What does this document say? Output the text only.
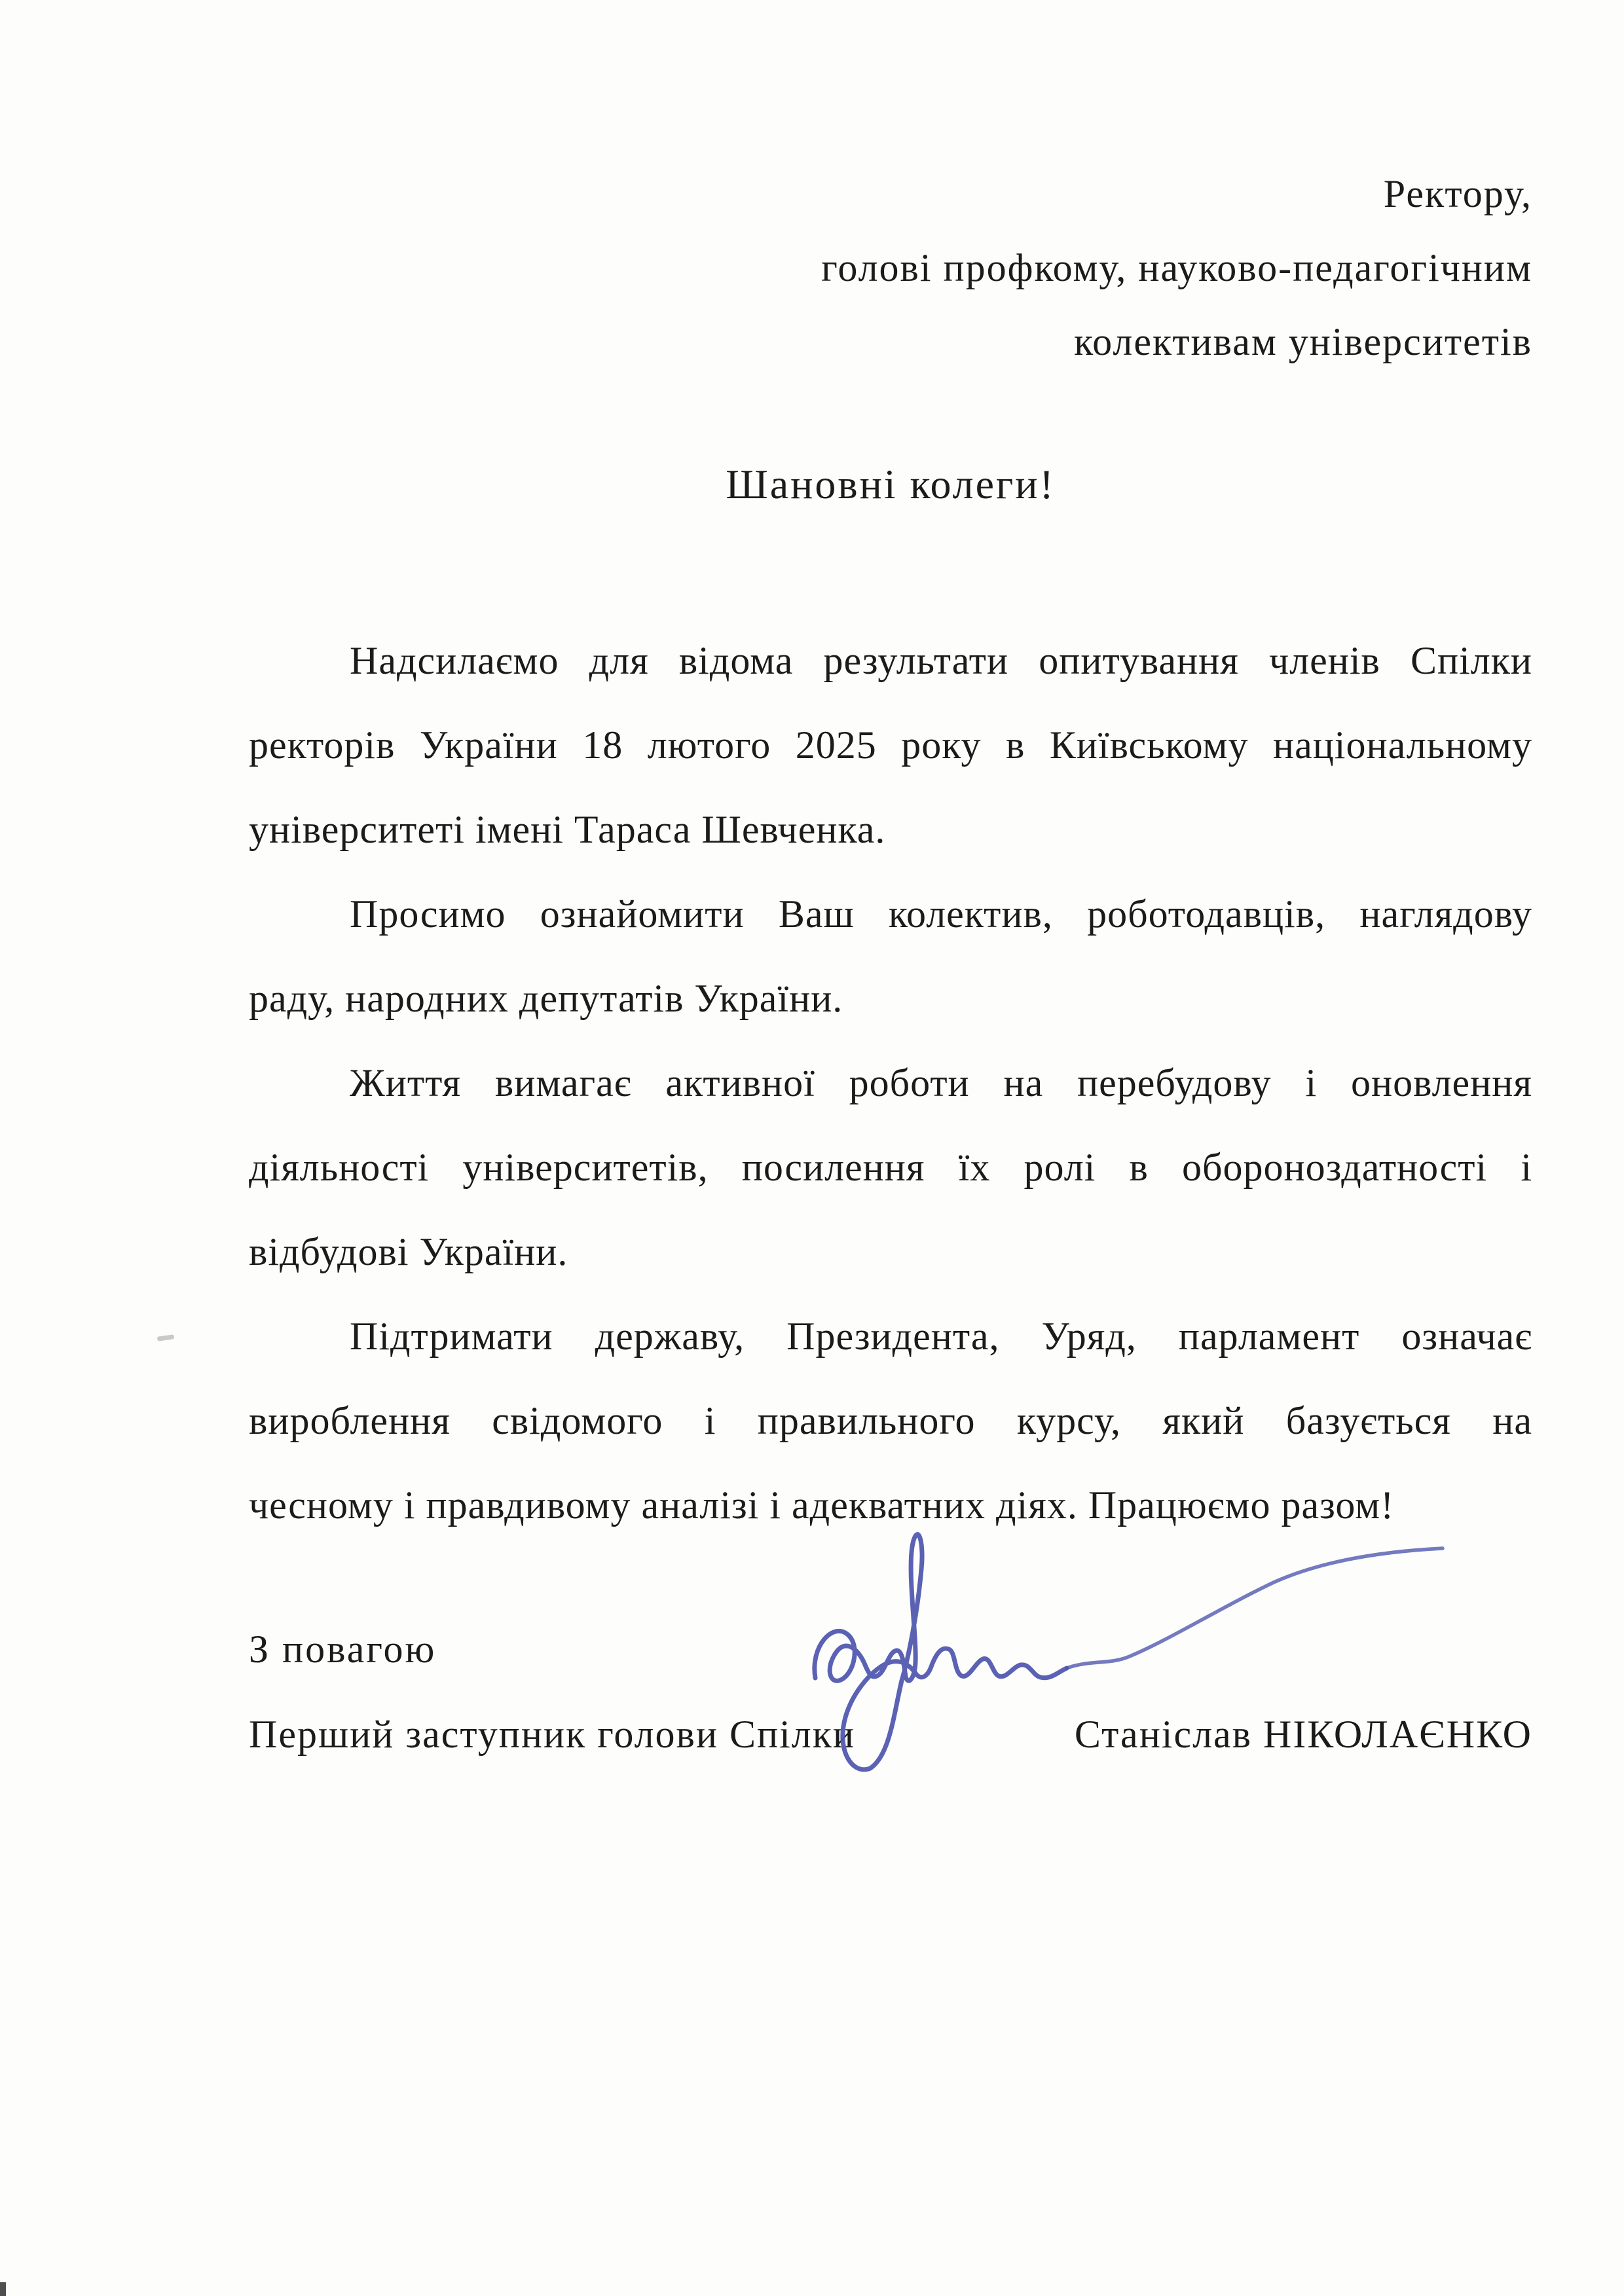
Ректору,
голові профкому, науково-педагогічним
колективам університетів
Шановні колеги!
Надсилаємо для відома результати опитування членів Спілки
ректорів України 18 лютого 2025 року в Київському національному
університеті імені Тараса Шевченка.
Просимо ознайомити Ваш колектив, роботодавців, наглядову
раду, народних депутатів України.
Життя вимагає активної роботи на перебудову і оновлення
діяльності університетів, посилення їх ролі в обороноздатності і
відбудові України.
Підтримати державу, Президента, Уряд, парламент означає
вироблення свідомого і правильного курсу, який базується на
чесному і правдивому аналізі і адекватних діях. Працюємо разом!
З повагою
Перший заступник голови Спілки	Станіслав НІКОЛАЄНКО
